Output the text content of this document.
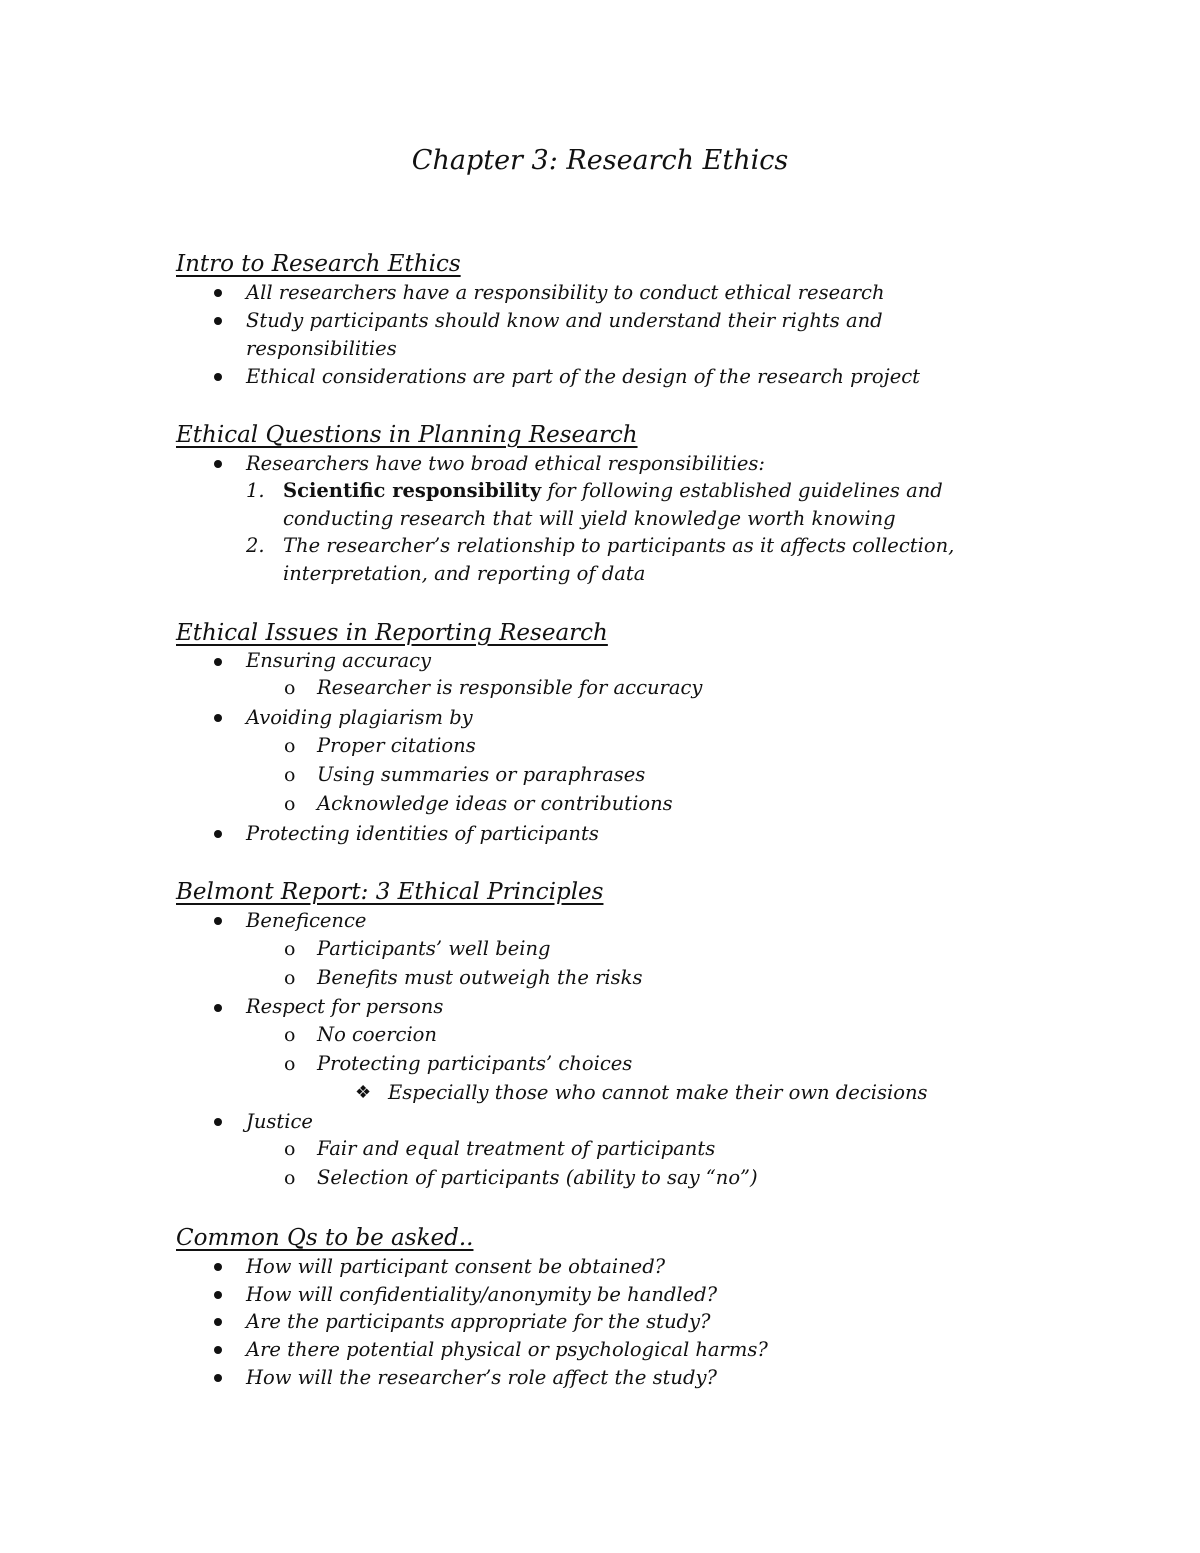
Chapter 3: Research Ethics
Intro to Research Ethics
All researchers have a responsibility to conduct ethical research
Study participants should know and understand their rights and
responsibilities
Ethical considerations are part of the design of the research project
Ethical Questions in Planning Research
Researchers have two broad ethical responsibilities:
1. Scientific responsibility for following established guidelines and
conducting research that will yield knowledge worth knowing
2. The researcher’s relationship to participants as it affects collection,
interpretation, and reporting of data
Ethical Issues in Reporting Research
Ensuring accuracy
o Researcher is responsible for accuracy
Avoiding plagiarism by
o Proper citations
o Using summaries or paraphrases
o Acknowledge ideas or contributions
Protecting identities of participants
Belmont Report: 3 Ethical Principles
Beneficence
o Participants’ well being
o Benefits must outweigh the risks
Respect for persons
o No coercion
o Protecting participants’ choices
❖ Especially those who cannot make their own decisions
Justice
o Fair and equal treatment of participants
o Selection of participants (ability to say “no”)
Common Qs to be asked..
How will participant consent be obtained?
How will confidentiality/anonymity be handled?
Are the participants appropriate for the study?
Are there potential physical or psychological harms?
How will the researcher’s role affect the study?
